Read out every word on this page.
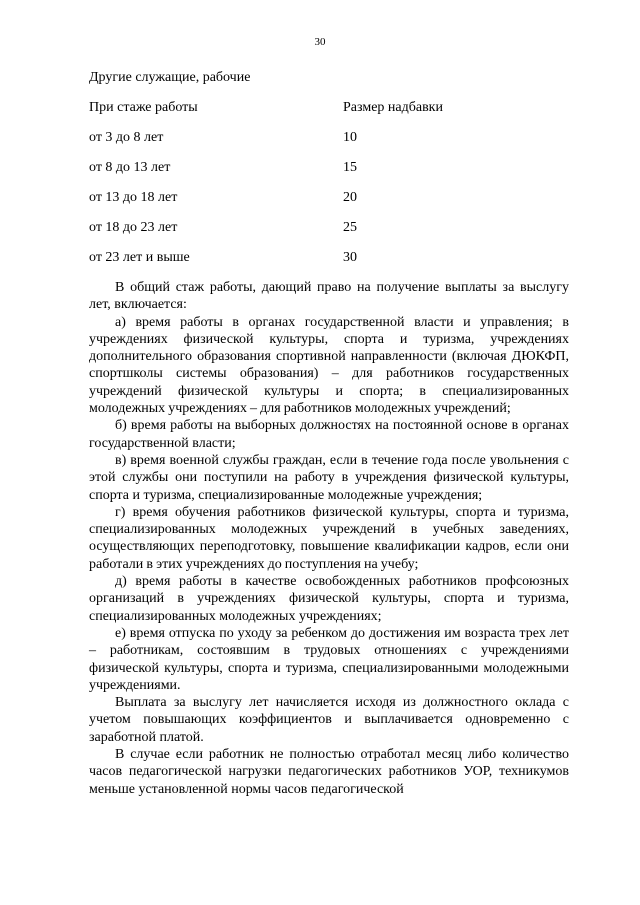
30
Другие служащие, рабочие
При стаже работы	Размер надбавки
от 3 до 8 лет	10
от 8 до 13 лет	15
от 13 до 18 лет	20
от 18 до 23 лет	25
от 23 лет и выше	30

В общий стаж работы, дающий право на получение выплаты за выслугу лет, включается:

а) время работы в органах государственной власти и управления; в учреждениях физической культуры, спорта и туризма, учреждениях дополнительного образования спортивной направленности (включая ДЮКФП, спортшколы системы образования) – для работников государственных учреждений физической культуры и спорта; в специализированных молодежных учреждениях – для работников молодежных учреждений;

б) время работы на выборных должностях на постоянной основе в органах государственной власти;

в) время военной службы граждан, если в течение года после увольнения с этой службы они поступили на работу в учреждения физической культуры, спорта и туризма, специализированные молодежные учреждения;

г) время обучения работников физической культуры, спорта и туризма, специализированных молодежных учреждений в учебных заведениях, осуществляющих переподготовку, повышение квалификации кадров, если они работали в этих учреждениях до поступления на учебу;

д) время работы в качестве освобожденных работников профсоюзных организаций в учреждениях физической культуры, спорта и туризма, специализированных молодежных учреждениях;

е) время отпуска по уходу за ребенком до достижения им возраста трех лет – работникам, состоявшим в трудовых отношениях с учреждениями физической культуры, спорта и туризма, специализированными молодежными учреждениями.

Выплата за выслугу лет начисляется исходя из должностного оклада с учетом повышающих коэффициентов и выплачивается одновременно с заработной платой.

В случае если работник не полностью отработал месяц либо количество часов педагогической нагрузки педагогических работников УОР, техникумов меньше установленной нормы часов педагогической
